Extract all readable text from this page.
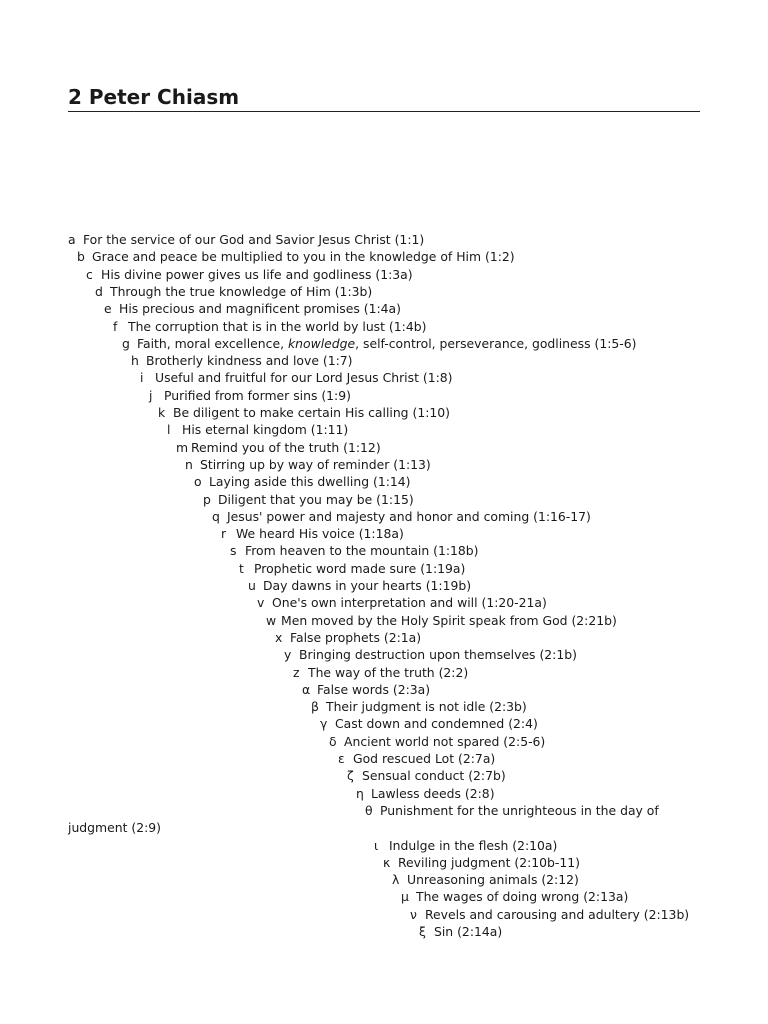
2 Peter Chiasm
a For the service of our God and Savior Jesus Christ (1:1)
b Grace and peace be multiplied to you in the knowledge of Him (1:2)
c His divine power gives us life and godliness (1:3a)
d Through the true knowledge of Him (1:3b)
e His precious and magnificent promises (1:4a)
f The corruption that is in the world by lust (1:4b)
g Faith, moral excellence, knowledge, self-control, perseverance, godliness (1:5-6)
h Brotherly kindness and love (1:7)
i Useful and fruitful for our Lord Jesus Christ (1:8)
j Purified from former sins (1:9)
k Be diligent to make certain His calling (1:10)
l His eternal kingdom (1:11)
m Remind you of the truth (1:12)
n Stirring up by way of reminder (1:13)
o Laying aside this dwelling (1:14)
p Diligent that you may be (1:15)
q Jesus' power and majesty and honor and coming (1:16-17)
r We heard His voice (1:18a)
s From heaven to the mountain (1:18b)
t Prophetic word made sure (1:19a)
u Day dawns in your hearts (1:19b)
v One's own interpretation and will (1:20-21a)
w Men moved by the Holy Spirit speak from God (2:21b)
x False prophets (2:1a)
y Bringing destruction upon themselves (2:1b)
z The way of the truth (2:2)
α False words (2:3a)
β Their judgment is not idle (2:3b)
γ Cast down and condemned (2:4)
δ Ancient world not spared (2:5-6)
ε God rescued Lot (2:7a)
ζ Sensual conduct (2:7b)
η Lawless deeds (2:8)
θ Punishment for the unrighteous in the day of
judgment (2:9)
ι Indulge in the flesh (2:10a)
κ Reviling judgment (2:10b-11)
λ Unreasoning animals (2:12)
μ The wages of doing wrong (2:13a)
ν Revels and carousing and adultery (2:13b)
ξ Sin (2:14a)
